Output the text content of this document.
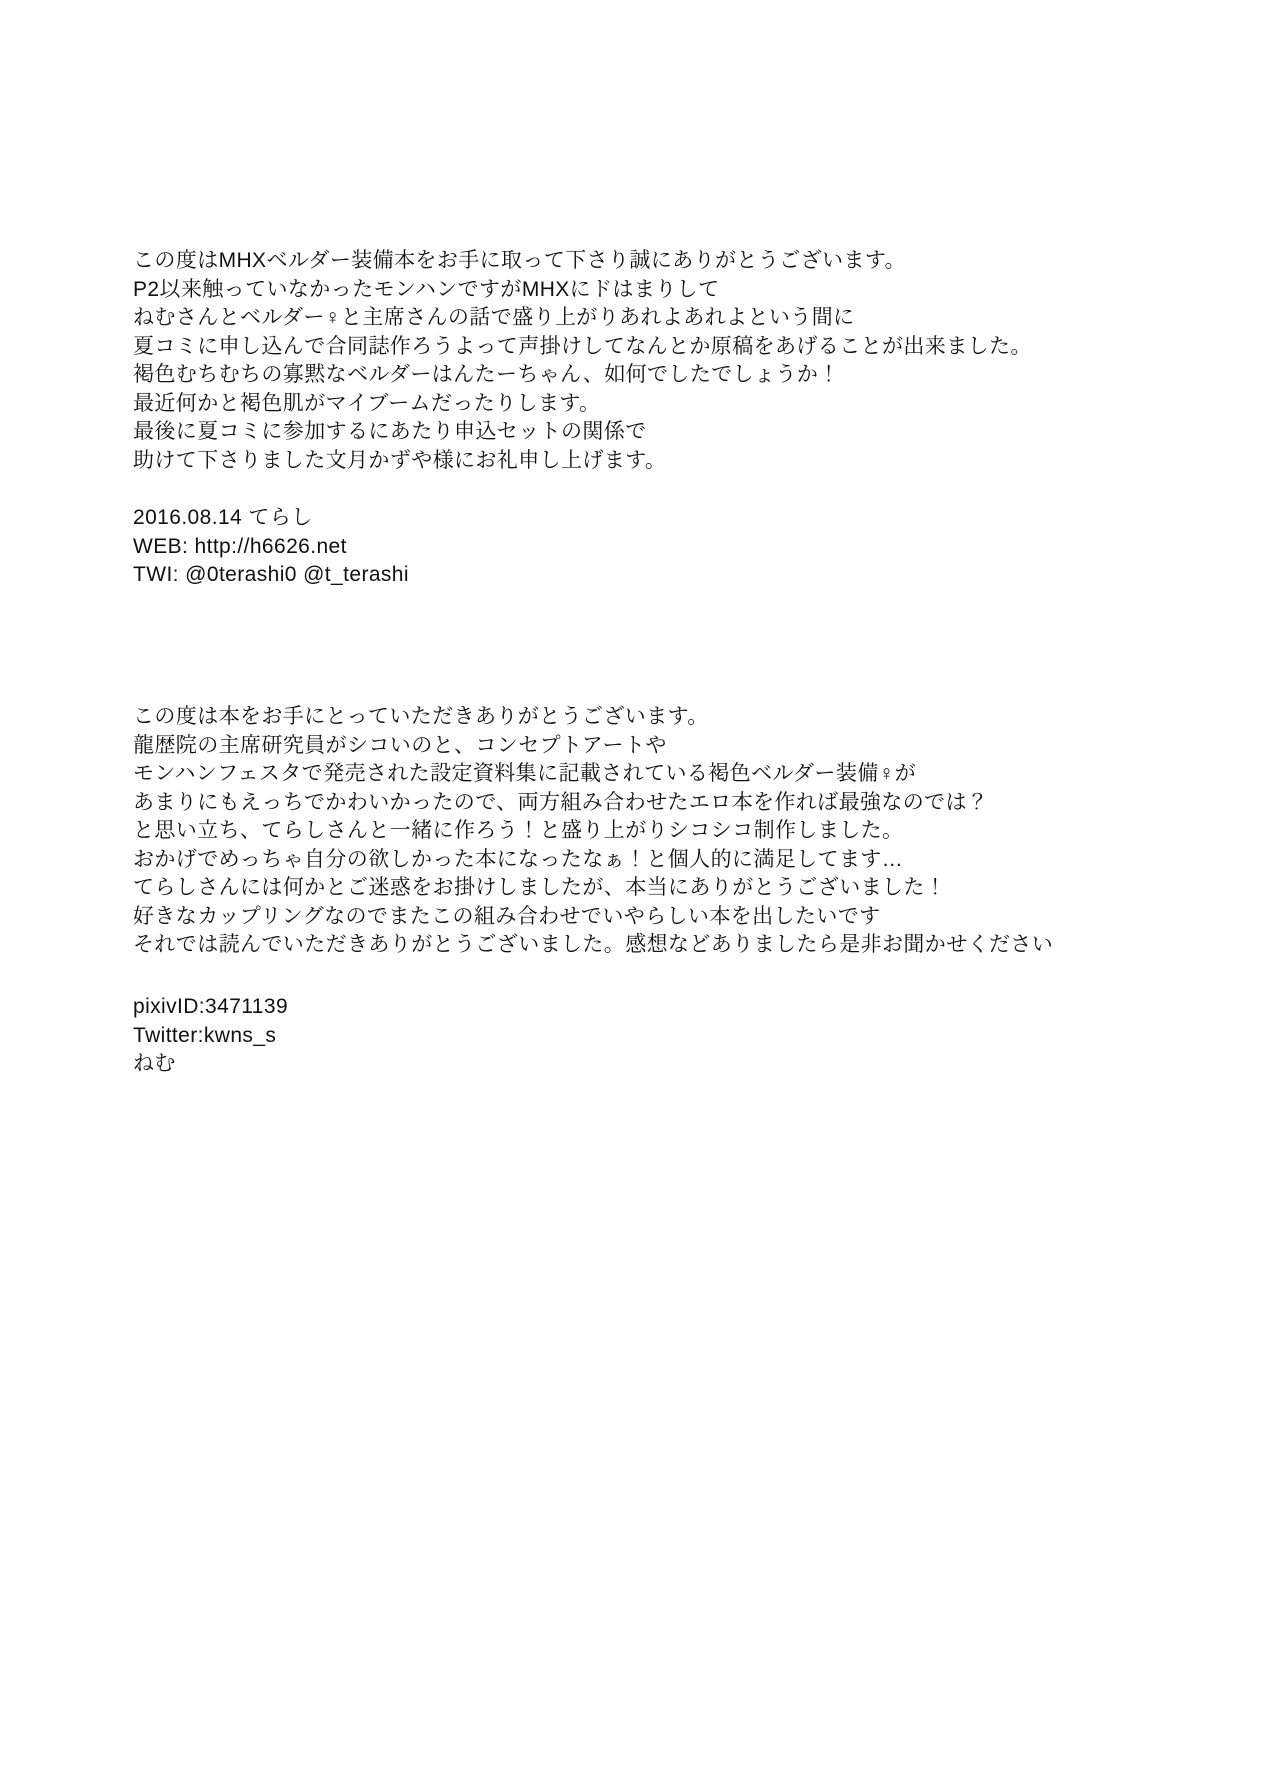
この度はMHXベルダー装備本をお手に取って下さり誠にありがとうございます。
P2以来触っていなかったモンハンですがMHXにドはまりして
ねむさんとベルダー♀と主席さんの話で盛り上がりあれよあれよという間に
夏コミに申し込んで合同誌作ろうよって声掛けしてなんとか原稿をあげることが出来ました。
褐色むちむちの寡黙なベルダーはんたーちゃん、如何でしたでしょうか！
最近何かと褐色肌がマイブームだったりします。
最後に夏コミに参加するにあたり申込セットの関係で
助けて下さりました文月かずや様にお礼申し上げます。
2016.08.14 てらし
WEB: http://h6626.net
TWI: @0terashi0 @t_terashi
この度は本をお手にとっていただきありがとうございます。
龍歴院の主席研究員がシコいのと、コンセプトアートや
モンハンフェスタで発売された設定資料集に記載されている褐色ベルダー装備♀が
あまりにもえっちでかわいかったので、両方組み合わせたエロ本を作れば最強なのでは？
と思い立ち、てらしさんと一緒に作ろう！と盛り上がりシコシコ制作しました。
おかげでめっちゃ自分の欲しかった本になったなぁ！と個人的に満足してます…
てらしさんには何かとご迷惑をお掛けしましたが、本当にありがとうございました！
好きなカップリングなのでまたこの組み合わせでいやらしい本を出したいです
それでは読んでいただきありがとうございました。感想などありましたら是非お聞かせください
pixivID:3471139
Twitter:kwns_s
ねむ
